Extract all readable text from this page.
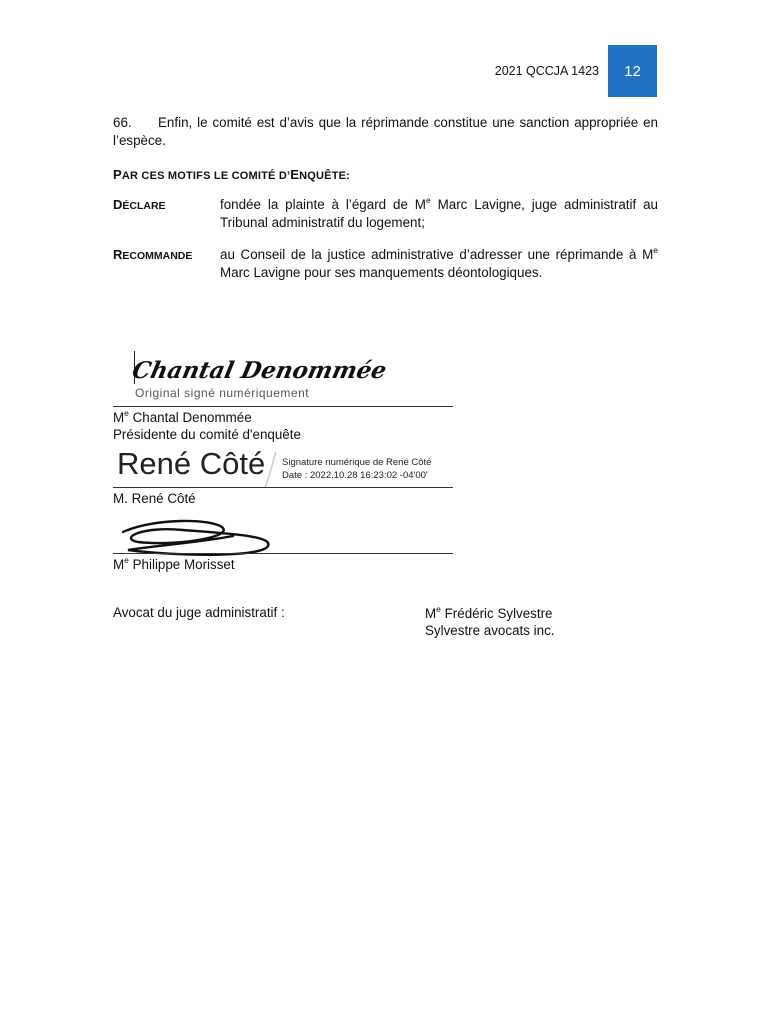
2021 QCCJA 1423	12
66. Enfin, le comité est d’avis que la réprimande constitue une sanction appropriée en l’espèce.
PAR CES MOTIFS LE COMITÉ D’ENQUÊTE:
DÉCLARE	fondée la plainte à l’égard de Me Marc Lavigne, juge administratif au Tribunal administratif du logement;
RECOMMANDE au Conseil de la justice administrative d’adresser une réprimande à Me Marc Lavigne pour ses manquements déontologiques.
Chantal Denommée
Original signé numériquement
Me Chantal Denommée
Présidente du comité d'enquête
René Côté Signature numérique de René Côté
Date : 2022.10.28 16:23:02 -04'00'
M. René Côté
Me Philippe Morisset
Avocat du juge administratif :	Me Frédéric Sylvestre
Sylvestre avocats inc.
